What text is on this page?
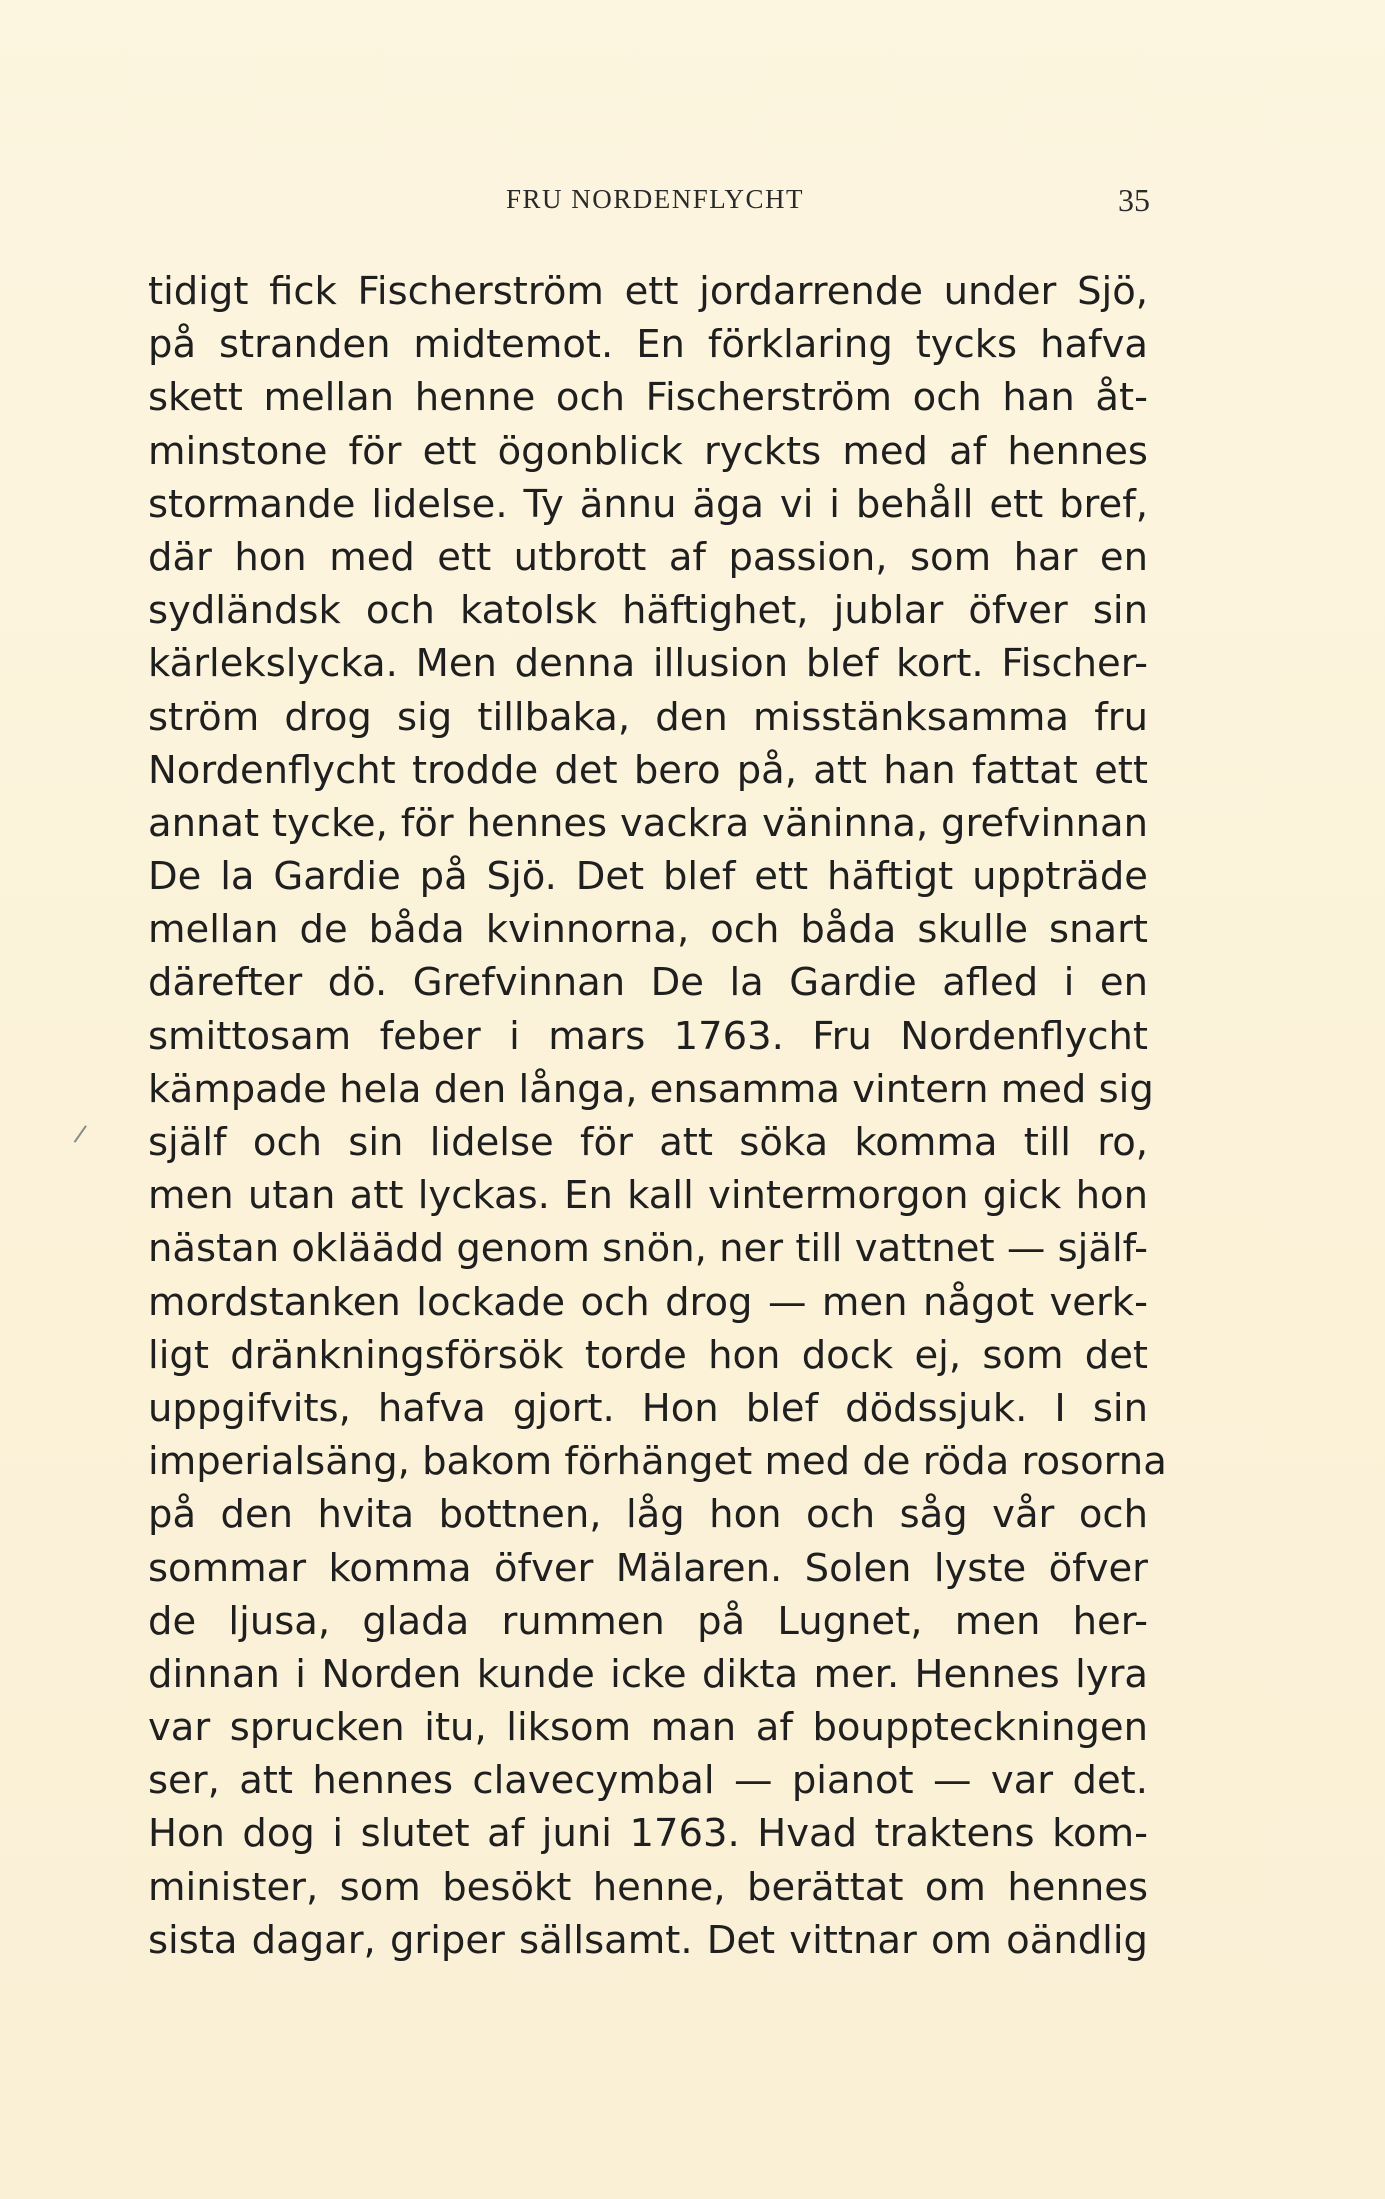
FRU NORDENFLYCHT	35
tidigt fick Fischerström ett jordarrende under Sjö,
på stranden midtemot. En förklaring tycks hafva
skett mellan henne och Fischerström och han åt-
minstone för ett ögonblick ryckts med af hennes
stormande lidelse. Ty ännu äga vi i behåll ett bref,
där hon med ett utbrott af passion, som har en
sydländsk och katolsk häftighet, jublar öfver sin
kärlekslycka. Men denna illusion blef kort. Fischer-
ström drog sig tillbaka, den misstänksamma fru
Nordenflycht trodde det bero på, att han fattat ett
annat tycke, för hennes vackra väninna, grefvinnan
De la Gardie på Sjö. Det blef ett häftigt uppträde
mellan de båda kvinnorna, och båda skulle snart
därefter dö. Grefvinnan De la Gardie afled i en
smittosam feber i mars 1763. Fru Nordenflycht
kämpade hela den långa, ensamma vintern med sig
själf och sin lidelse för att söka komma till ro,
men utan att lyckas. En kall vintermorgon gick hon
nästan okläädd genom snön, ner till vattnet — själf-
mordstanken lockade och drog — men något verk-
ligt dränkningsförsök torde hon dock ej, som det
uppgifvits, hafva gjort. Hon blef dödssjuk. I sin
imperialsäng, bakom förhänget med de röda rosorna
på den hvita bottnen, låg hon och såg vår och
sommar komma öfver Mälaren. Solen lyste öfver
de ljusa, glada rummen på Lugnet, men her-
dinnan i Norden kunde icke dikta mer. Hennes lyra
var sprucken itu, liksom man af bouppteckningen
ser, att hennes clavecymbal — pianot — var det.
Hon dog i slutet af juni 1763. Hvad traktens kom-
minister, som besökt henne, berättat om hennes
sista dagar, griper sällsamt. Det vittnar om oändlig
